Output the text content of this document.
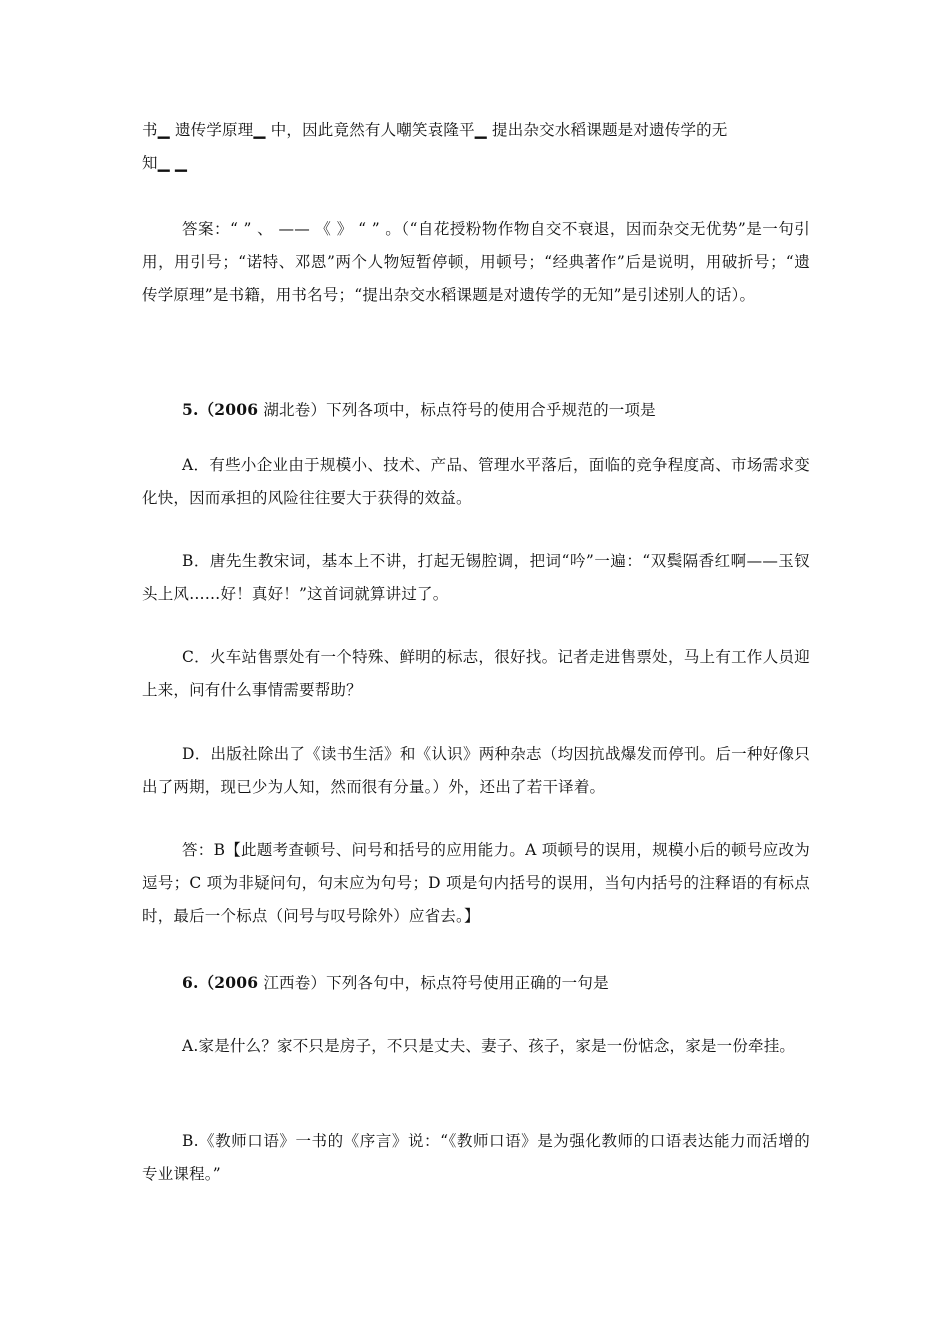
书▁ 遗传学原理▁ 中，因此竟然有人嘲笑袁隆平▁ 提出杂交水稻课题是对遗传学的无
知▁ ▁

答案：“ ” 、 —— 《 》 “ ” 。（“自花授粉物作物自交不衰退，因而杂交无优势”是一句引用，用引号；“诺特、邓恩”两个人物短暂停顿，用顿号；“经典著作”后是说明，用破折号；“遗传学原理”是书籍，用书名号；“提出杂交水稻课题是对遗传学的无知”是引述别人的话）。

5.（2006 湖北卷）下列各项中，标点符号的使用合乎规范的一项是

A．有些小企业由于规模小、技术、产品、管理水平落后，面临的竞争程度高、市场需求变化快，因而承担的风险往往要大于获得的效益。

B．唐先生教宋词，基本上不讲，打起无锡腔调，把词“吟”一遍：“双鬓隔香红啊——玉钗头上风……好！真好！”这首词就算讲过了。

C．火车站售票处有一个特殊、鲜明的标志，很好找。记者走进售票处，马上有工作人员迎上来，问有什么事情需要帮助？

D．出版社除出了《读书生活》和《认识》两种杂志（均因抗战爆发而停刊。后一种好像只出了两期，现已少为人知，然而很有分量。）外，还出了若干译着。

答：B【此题考查顿号、问号和括号的应用能力。A 项顿号的误用，规模小后的顿号应改为逗号；C 项为非疑问句，句末应为句号；D 项是句内括号的误用，当句内括号的注释语的有标点时，最后一个标点（问号与叹号除外）应省去。】

6.（2006 江西卷）下列各句中，标点符号使用正确的一句是

A.家是什么？家不只是房子，不只是丈夫、妻子、孩子，家是一份惦念，家是一份牵挂。

B.《教师口语》一书的《序言》说：“《教师口语》是为强化教师的口语表达能力而活增的专业课程。”
